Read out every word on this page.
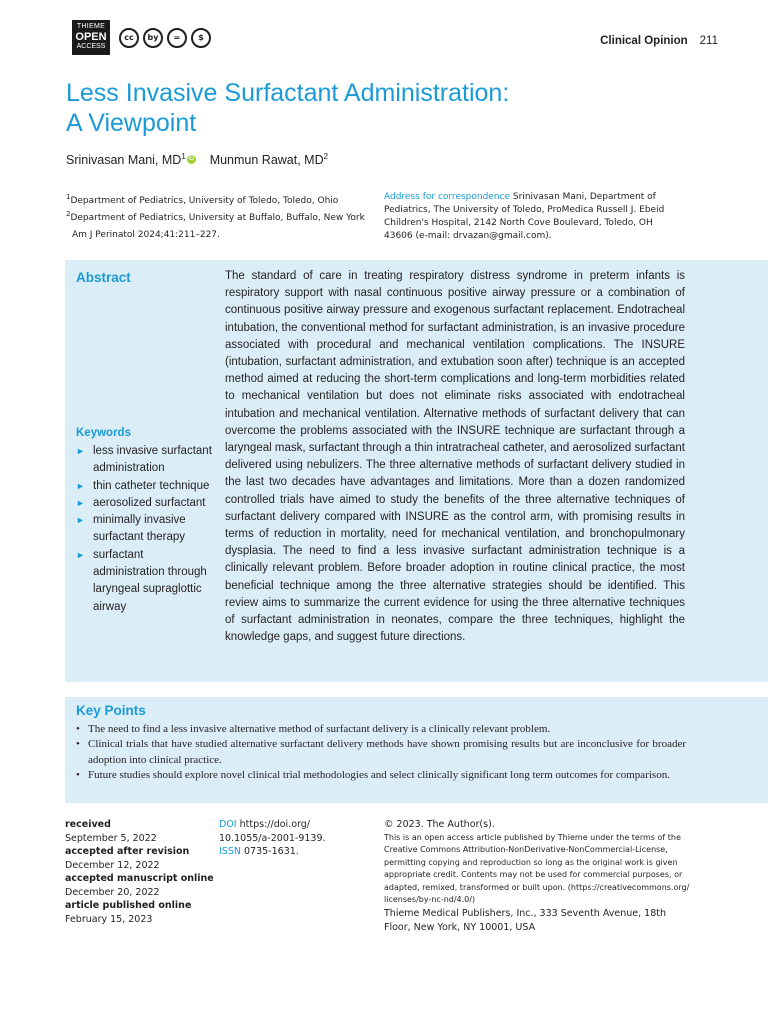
THIEME
OPEN
ACCESS
cc	by	=	$	Clinical Opinion 211
Less Invasive Surfactant Administration:
A Viewpoint
Srinivasan Mani, $MD^1$ iD Munmun Rawat, $MD^2$
$^1$Department of Pediatrics, University of Toledo, Toledo, Ohio
$^2$Department of Pediatrics, University at Buffalo, Buffalo, New York
Am J Perinatol 2024;41:211–227.
Address for correspondence Srinivasan Mani, Department of Pediatrics, The University of Toledo, ProMedica Russell J. Ebeid Children's Hospital, 2142 North Cove Boulevard, Toledo, OH 43606 (e-mail: drvazan@gmail.com).
Abstract	The standard of care in treating respiratory distress syndrome in preterm infants is respiratory support with nasal continuous positive airway pressure or a combination of continuous positive airway pressure and exogenous surfactant replacement. Endotracheal intubation, the conventional method for surfactant administration, is an invasive procedure associated with procedural and mechanical ventilation complications. The INSURE (intubation, surfactant administration, and extubation soon after) technique is an accepted method aimed at reducing the short-term complications and long-term morbidities related to mechanical ventilation but does not eliminate risks associated with endotracheal intubation and mechanical ventilation. Alternative methods of surfactant delivery that can overcome the problems associated with the INSURE technique are surfactant through a laryngeal mask, surfactant through a thin intratracheal catheter, and aerosolized surfactant delivered using nebulizers. The three alternative methods of surfactant delivery studied in the last two decades have advantages and limitations. More than a dozen randomized controlled trials have aimed to study the benefits of the three alternative techniques of surfactant delivery compared with INSURE as the control arm, with promising results in terms of reduction in mortality, need for mechanical ventilation, and bronchopulmonary dysplasia. The need to find a less invasive surfactant administration technique is a clinically relevant problem. Before broader adoption in routine clinical practice, the most beneficial technique among the three alternative strategies should be identified. This review aims to summarize the current evidence for using the three alternative techniques of surfactant administration in neonates, compare the three techniques, highlight the knowledge gaps, and suggest future directions.
Keywords
► less invasive surfactant administration
► thin catheter technique
► aerosolized surfactant
► minimally invasive surfactant therapy
► surfactant administration through laryngeal supraglottic airway
Key Points
• The need to find a less invasive alternative method of surfactant delivery is a clinically relevant problem.
• Clinical trials that have studied alternative surfactant delivery methods have shown promising results but are inconclusive for broader adoption into clinical practice.
• Future studies should explore novel clinical trial methodologies and select clinically significant long term outcomes for comparison.
received
September 5, 2022
accepted after revision
December 12, 2022
accepted manuscript online
December 20, 2022
article published online
February 15, 2023
DOI https://doi.org/ 10.1055/a-2001-9139.
ISSN 0735-1631.
© 2023. The Author(s).
This is an open access article published by Thieme under the terms of the Creative Commons Attribution-NonDerivative-NonCommercial-License, permitting copying and reproduction so long as the original work is given appropriate credit. Contents may not be used for commercial purposes, or adapted, remixed, transformed or built upon. (https://creativecommons.org/ licenses/by-nc-nd/4.0/)
Thieme Medical Publishers, Inc., 333 Seventh Avenue, 18th Floor, New York, NY 10001, USA
